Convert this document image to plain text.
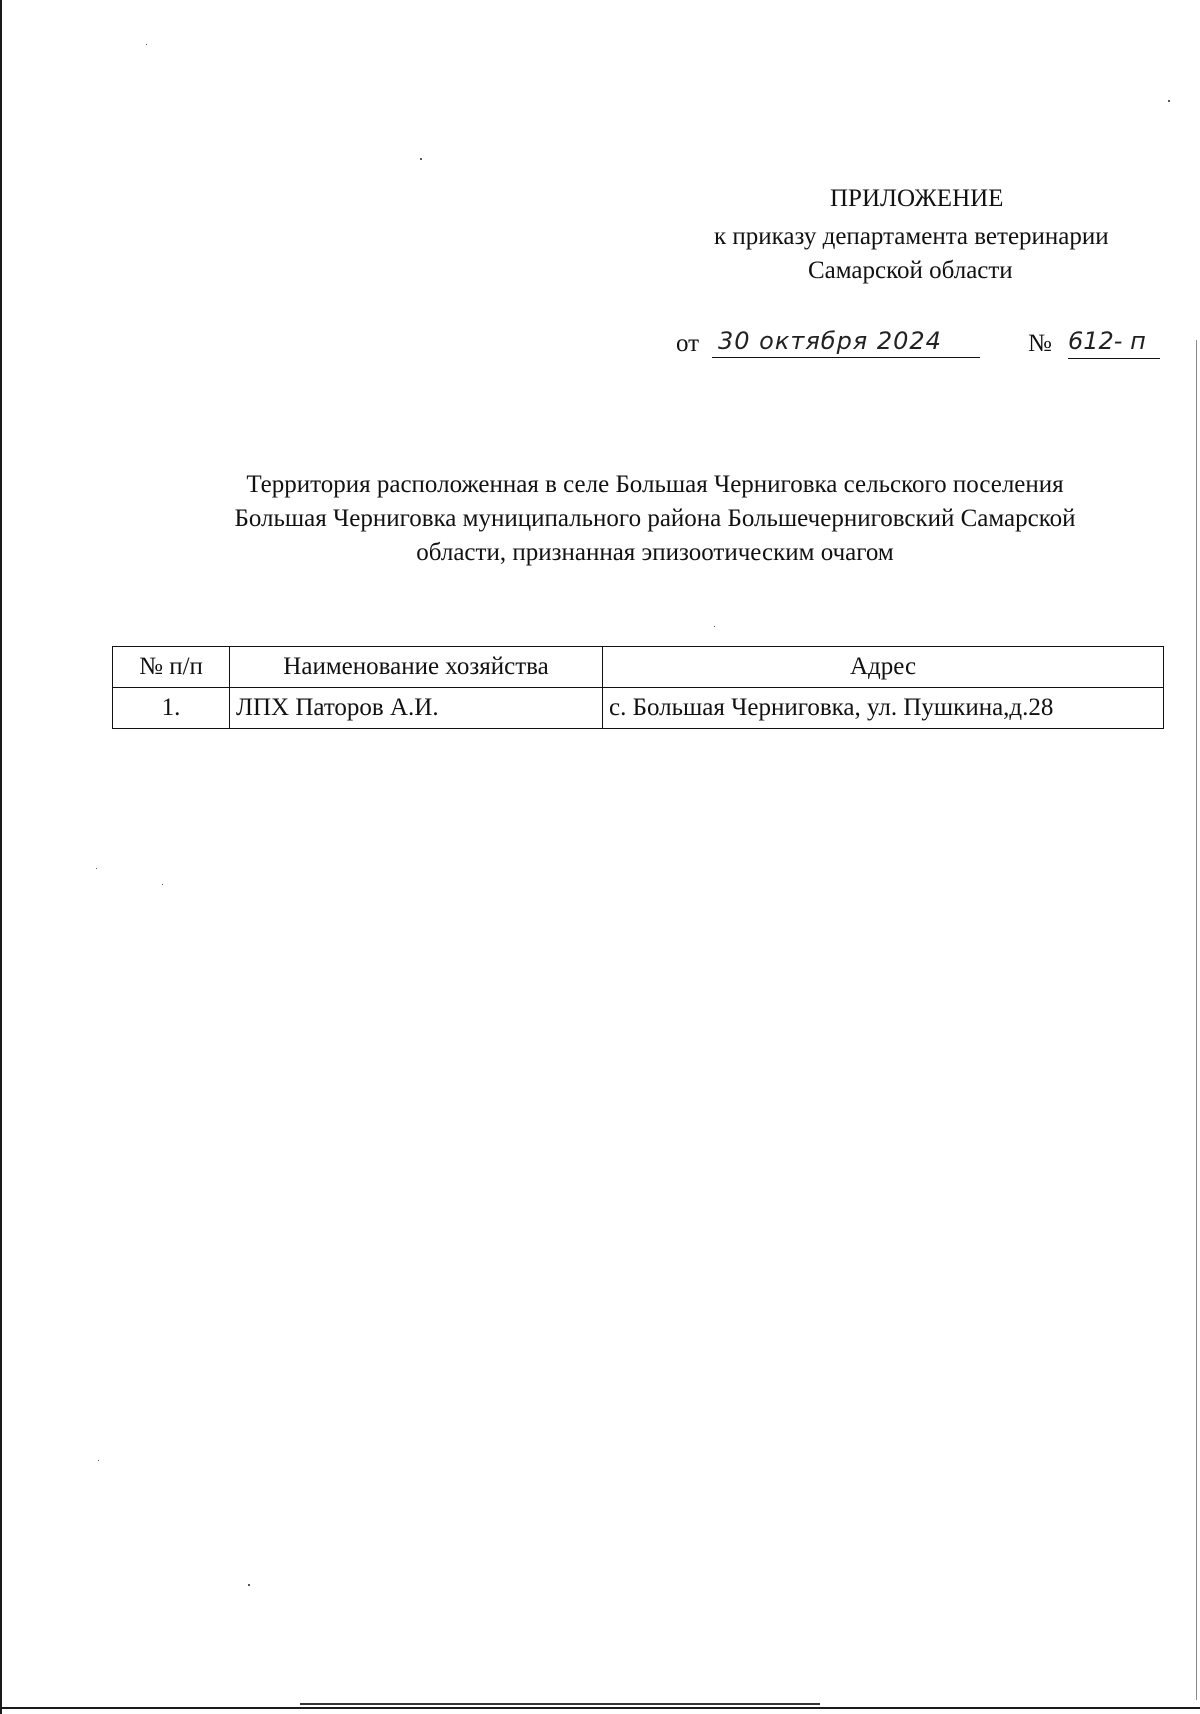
ПРИЛОЖЕНИЕ
к приказу департамента ветеринарии
Самарской области
от 30 октября 2024	№ 612- п
Территория расположенная в селе Большая Черниговка сельского поселения
Большая Черниговка муниципального района Большечерниговский Самарской
области, признанная эпизоотическим очагом
№ п/п	Наименование хозяйства	Адрес
1.	ЛПХ Паторов А.И.	с. Большая Черниговка, ул. Пушкина,д.28
